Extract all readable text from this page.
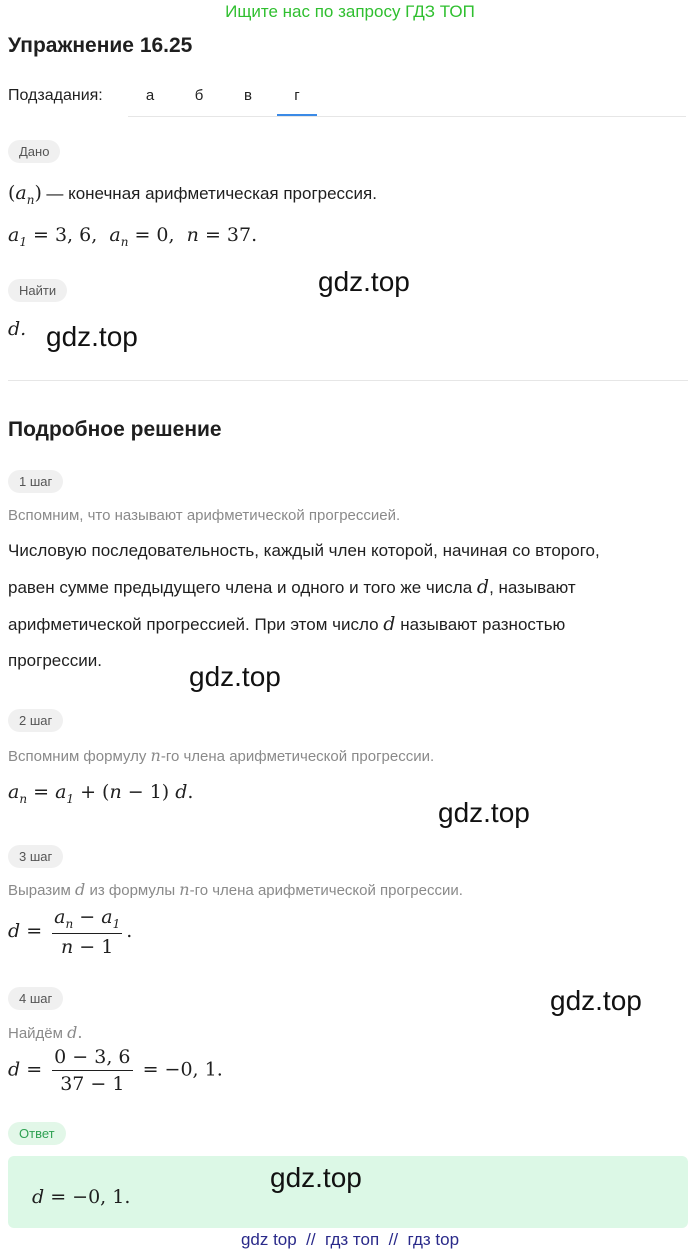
Ищите нас по запросу ГДЗ ТОП
Упражнение 16.25
Подзадания:	а	б	в	г
Дано
$(a_n)$ — конечная арифметическая прогрессия.
$a_1 = 3$, 6, $a_n = 0$, n = 37.
Найти
d.
Подробное решение
1 шаг
Вспомним, что называют арифметической прогрессией.
Числовую последовательность, каждый член которой, начиная со второго,
равен сумме предыдущего члена и одного и того же числа d, называют
арифметической прогрессией. При этом число d называют разностью
прогрессии.
2 шаг
Вспомним формулу n-го члена арифметической прогрессии.
$a_n = a_1 + (n - 1)$ d.
3 шаг
Выразим d из формулы n-го члена арифметической прогрессии.
$d = \frac{a_n - a_1}{n - 1}$ .
4 шаг
Найдём d.
$d = \frac{0 - 3, 6}{37 - 1} = -0$, 1.
Ответ
d = −0, 1.
gdz.top
gdz.top
gdz.top
gdz.top
gdz.top
gdz.top
gdz top  //  гдз топ  //  гдз top
